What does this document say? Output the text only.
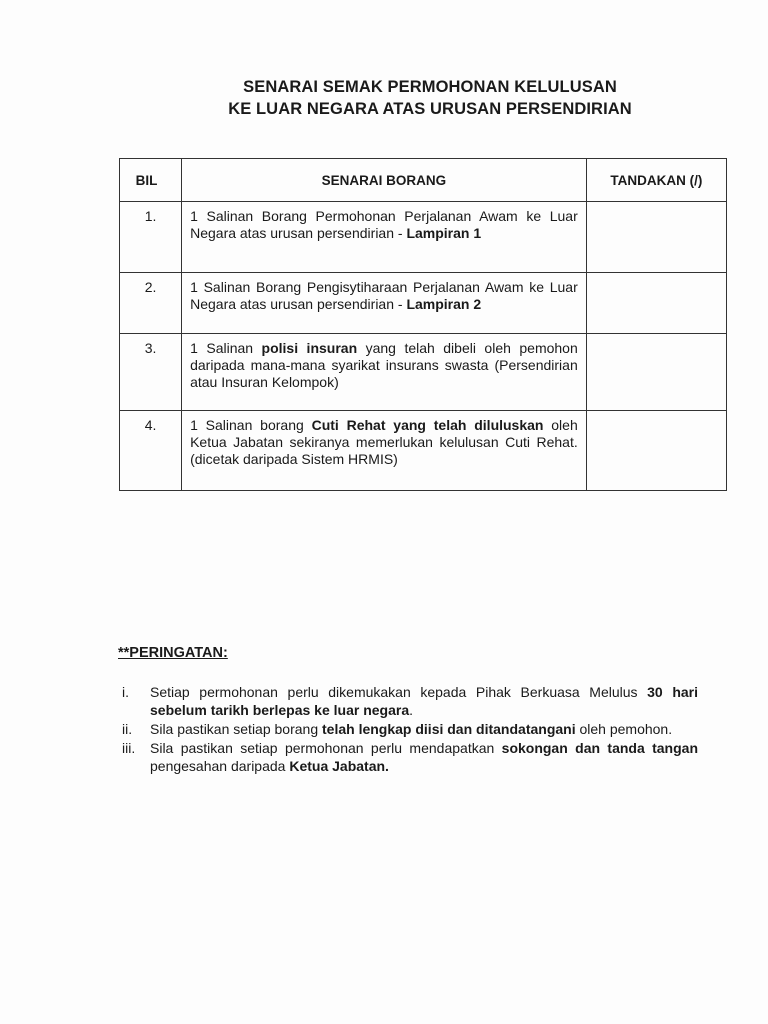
SENARAI SEMAK PERMOHONAN KELULUSAN
KE LUAR NEGARA ATAS URUSAN PERSENDIRIAN
BIL	SENARAI BORANG	TANDAKAN (/)
1.	1 Salinan Borang Permohonan Perjalanan Awam ke Luar Negara atas urusan persendirian - Lampiran 1	
2.	1 Salinan Borang Pengisytiharaan Perjalanan Awam ke Luar Negara atas urusan persendirian - Lampiran 2	
3.	1 Salinan polisi insuran yang telah dibeli oleh pemohon daripada mana-mana syarikat insurans swasta (Persendirian atau Insuran Kelompok)	
4.	1 Salinan borang Cuti Rehat yang telah diluluskan oleh Ketua Jabatan sekiranya memerlukan kelulusan Cuti Rehat. (dicetak daripada Sistem HRMIS)	
**PERINGATAN:
i. Setiap permohonan perlu dikemukakan kepada Pihak Berkuasa Melulus 30 hari sebelum tarikh berlepas ke luar negara.
ii. Sila pastikan setiap borang telah lengkap diisi dan ditandatangani oleh pemohon.
iii. Sila pastikan setiap permohonan perlu mendapatkan sokongan dan tanda tangan pengesahan daripada Ketua Jabatan.
